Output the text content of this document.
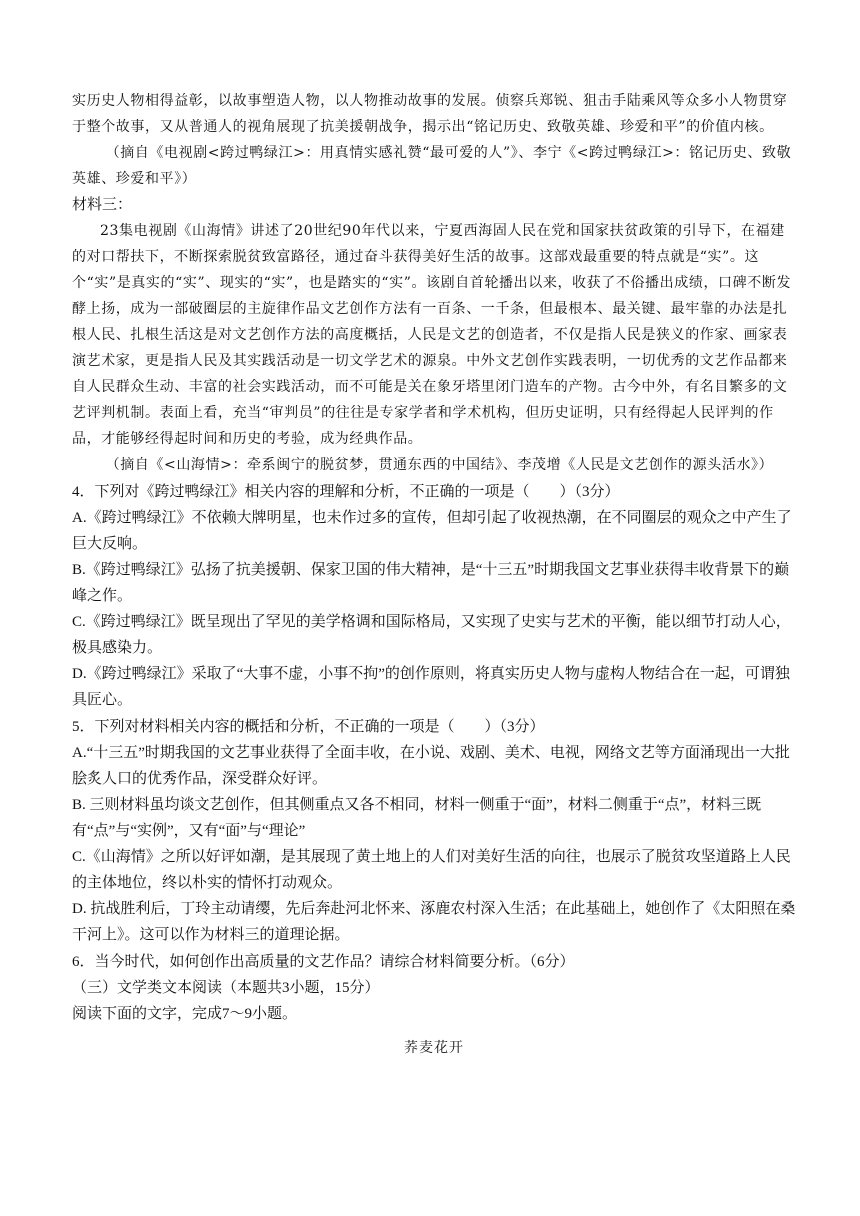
实历史人物相得益彰，以故事塑造人物，以人物推动故事的发展。侦察兵郑锐、狙击手陆乘风等众多小人物贯穿于整个故事，又从普通人的视角展现了抗美援朝战争，揭示出“铭记历史、致敬英雄、珍爱和平”的价值内核。

（摘自《电视剧<跨过鸭绿江>：用真情实感礼赞“最可爱的人”》、李宁《<跨过鸭绿江>：铭记历史、致敬英雄、珍爱和平》）

材料三：

23集电视剧《山海情》讲述了20世纪90年代以来，宁夏西海固人民在党和国家扶贫政策的引导下，在福建的对口帮扶下，不断探索脱贫致富路径，通过奋斗获得美好生活的故事。这部戏最重要的特点就是“实”。这个“实”是真实的“实”、现实的“实”，也是踏实的“实”。该剧自首轮播出以来，收获了不俗播出成绩，口碑不断发酵上扬，成为一部破圈层的主旋律作品文艺创作方法有一百条、一千条，但最根本、最关键、最牢靠的办法是扎根人民、扎根生活这是对文艺创作方法的高度概括，人民是文艺的创造者，不仅是指人民是狭义的作家、画家表演艺术家，更是指人民及其实践活动是一切文学艺术的源泉。中外文艺创作实践表明，一切优秀的文艺作品都来自人民群众生动、丰富的社会实践活动，而不可能是关在象牙塔里闭门造车的产物。古今中外，有名目繁多的文艺评判机制。表面上看，充当“审判员”的往往是专家学者和学术机构，但历史证明，只有经得起人民评判的作品，才能够经得起时间和历史的考验，成为经典作品。

（摘自《<山海情>：牵系闽宁的脱贫梦，贯通东西的中国结》、李茂增《人民是文艺创作的源头活水》）

4．下列对《跨过鸭绿江》相关内容的理解和分析，不正确的一项是（　　）（3分）

A.《跨过鸭绿江》不依赖大牌明星，也未作过多的宣传，但却引起了收视热潮，在不同圈层的观众之中产生了巨大反响。

B.《跨过鸭绿江》弘扬了抗美援朝、保家卫国的伟大精神，是“十三五”时期我国文艺事业获得丰收背景下的巅峰之作。

C.《跨过鸭绿江》既呈现出了罕见的美学格调和国际格局，又实现了史实与艺术的平衡，能以细节打动人心，极具感染力。

D.《跨过鸭绿江》采取了“大事不虚，小事不拘”的创作原则，将真实历史人物与虚构人物结合在一起，可谓独具匠心。

5．下列对材料相关内容的概括和分析，不正确的一项是（　　）（3分）

A.“十三五”时期我国的文艺事业获得了全面丰收，在小说、戏剧、美术、电视，网络文艺等方面涌现出一大批脍炙人口的优秀作品，深受群众好评。

B. 三则材料虽均谈文艺创作，但其侧重点又各不相同，材料一侧重于“面”，材料二侧重于“点”，材料三既有“点”与“实例”，又有“面”与“理论”

C.《山海情》之所以好评如潮，是其展现了黄土地上的人们对美好生活的向往，也展示了脱贫攻坚道路上人民的主体地位，终以朴实的情怀打动观众。

D. 抗战胜利后，丁玲主动请缨，先后奔赴河北怀来、涿鹿农村深入生活；在此基础上，她创作了《太阳照在桑干河上》。这可以作为材料三的道理论据。

6．当今时代，如何创作出高质量的文艺作品？请综合材料简要分析。（6分）

（三）文学类文本阅读（本题共3小题，15分）

阅读下面的文字，完成7～9小题。

荞麦花开
